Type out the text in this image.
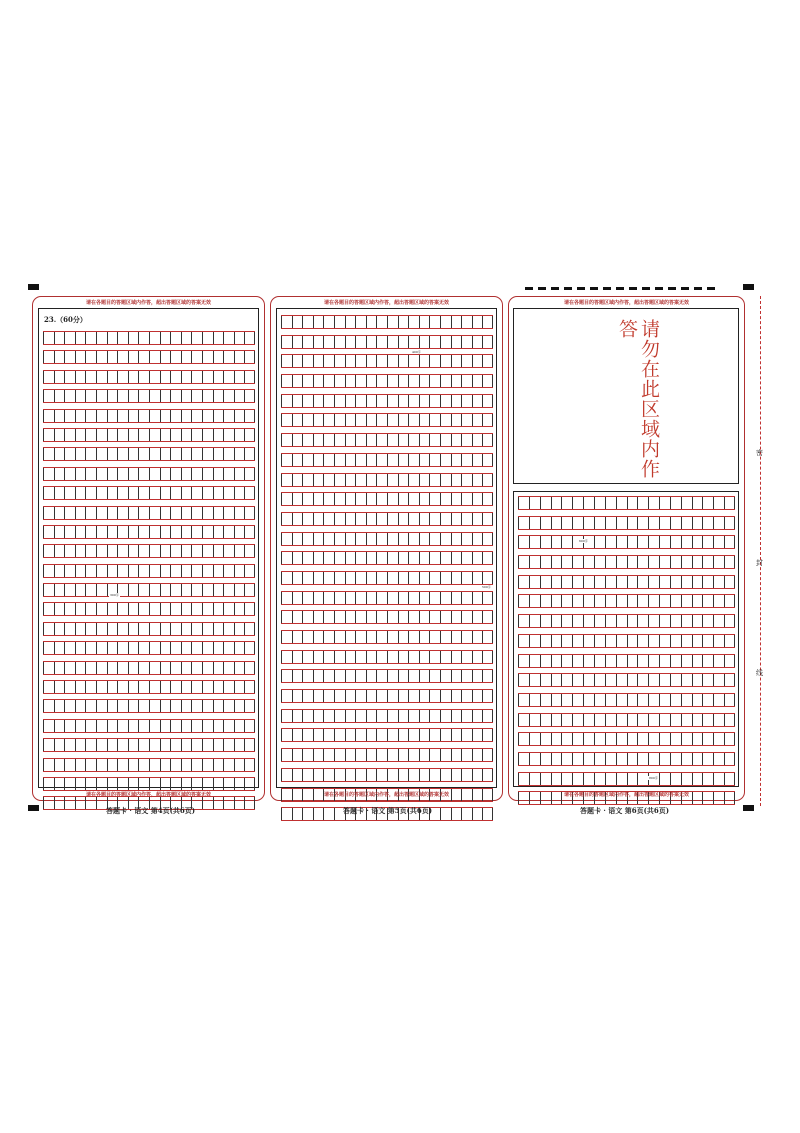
密
封
线
请在各题目的答题区域内作答，超出答题区域的答案无效
23.（60分）
300字
请在各题目的答题区域内作答，超出答题区域的答案无效
请在各题目的答题区域内作答，超出答题区域的答案无效
400字
500字
请在各题目的答题区域内作答，超出答题区域的答案无效
请在各题目的答题区域内作答，超出答题区域的答案无效
请勿在此区域内作答
600字
800字
请在各题目的答题区域内作答，超出答题区域的答案无效
答题卡 · 语文 第4页(共6页)	答题卡 · 语文 第5页(共6页)	答题卡 · 语文 第6页(共6页)
